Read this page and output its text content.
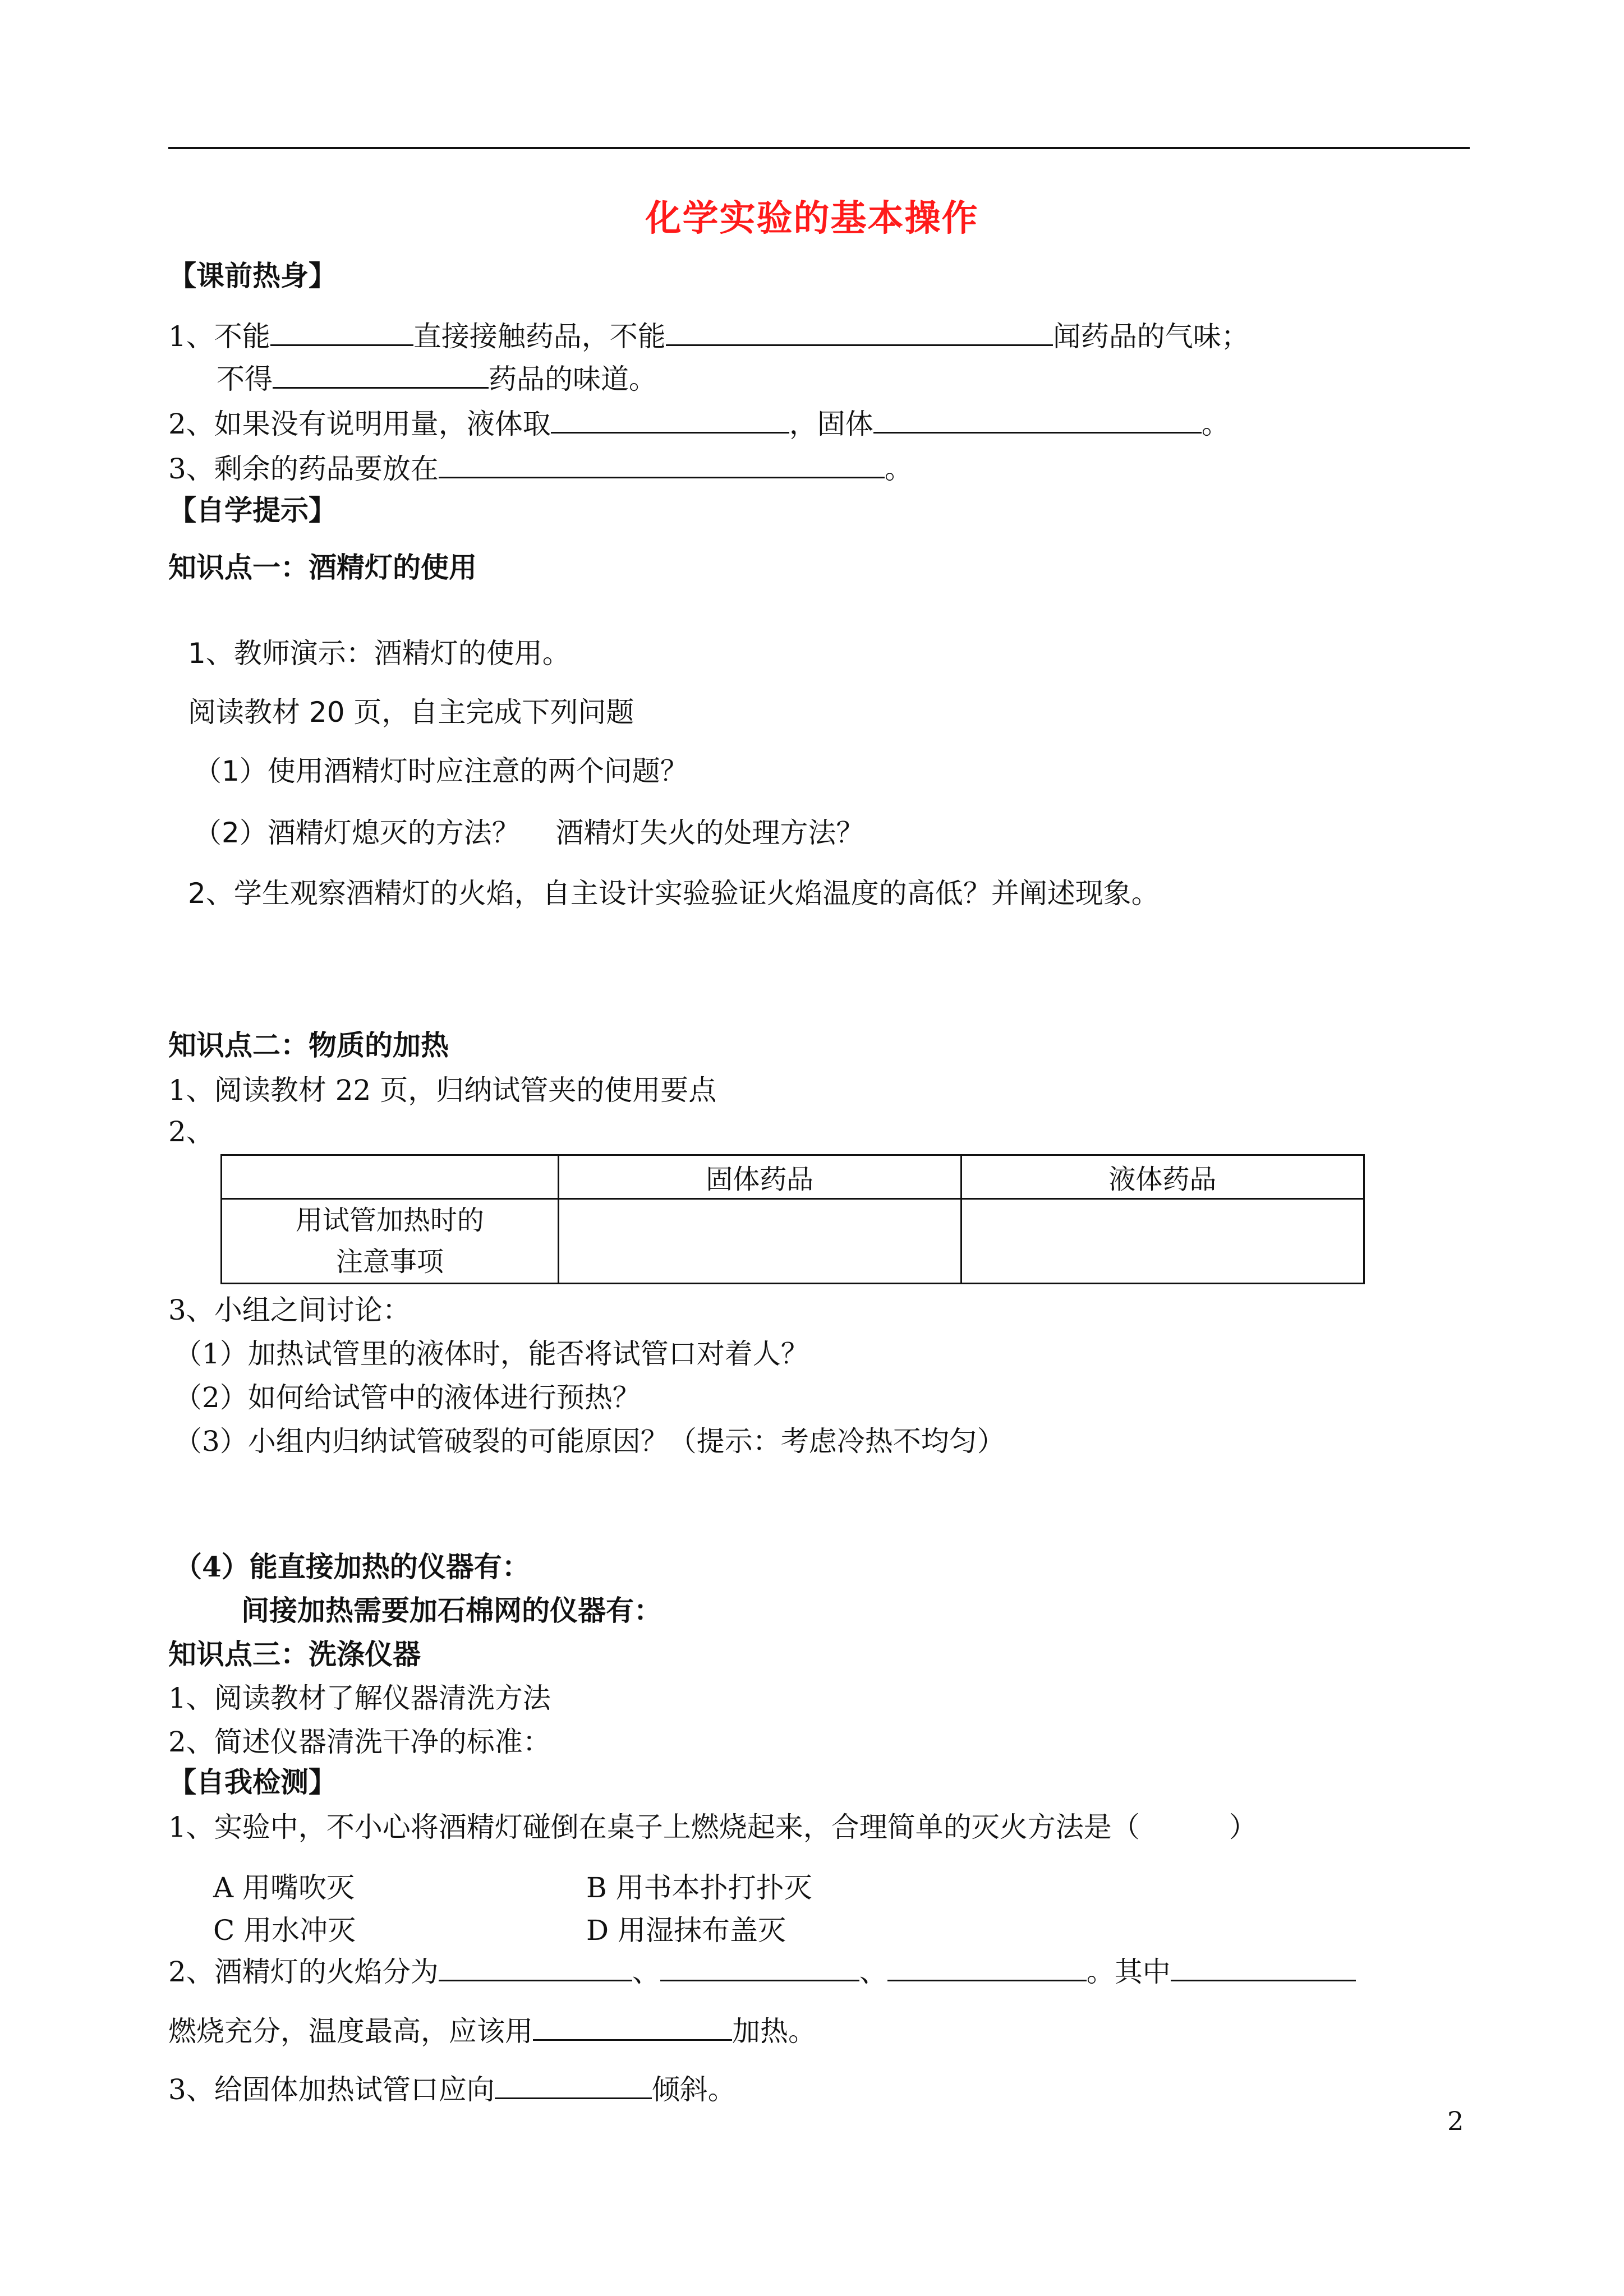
化学实验的基本操作
【课前热身】
1、不能	直接接触药品，不能	闻药品的气味；
不得	药品的味道。
2、如果没有说明用量，液体取	，固体	。
3、剩余的药品要放在	。
【自学提示】
知识点一：酒精灯的使用
1、教师演示：酒精灯的使用。
阅读教材 20 页，自主完成下列问题
（1）使用酒精灯时应注意的两个问题？
（2）酒精灯熄灭的方法？    酒精灯失火的处理方法？
2、学生观察酒精灯的火焰，自主设计实验验证火焰温度的高低？并阐述现象。
知识点二：物质的加热
1、阅读教材 22 页，归纳试管夹的使用要点
2、
	固体药品	液体药品

用试管加热时的
注意事项		

3、小组之间讨论：
（1）加热试管里的液体时，能否将试管口对着人？
（2）如何给试管中的液体进行预热？
（3）小组内归纳试管破裂的可能原因？（提示：考虑冷热不均匀）
（4）能直接加热的仪器有：
间接加热需要加石棉网的仪器有：
知识点三：洗涤仪器
1、阅读教材了解仪器清洗方法
2、简述仪器清洗干净的标准：
【自我检测】
1、实验中，不小心将酒精灯碰倒在桌子上燃烧起来，合理简单的灭火方法是（          ）
A 用嘴吹灭	B 用书本扑打扑灭
C 用水冲灭	D 用湿抹布盖灭
2、酒精灯的火焰分为	、	、	。其中
燃烧充分，温度最高，应该用	加热。
3、给固体加热试管口应向	倾斜。
2
